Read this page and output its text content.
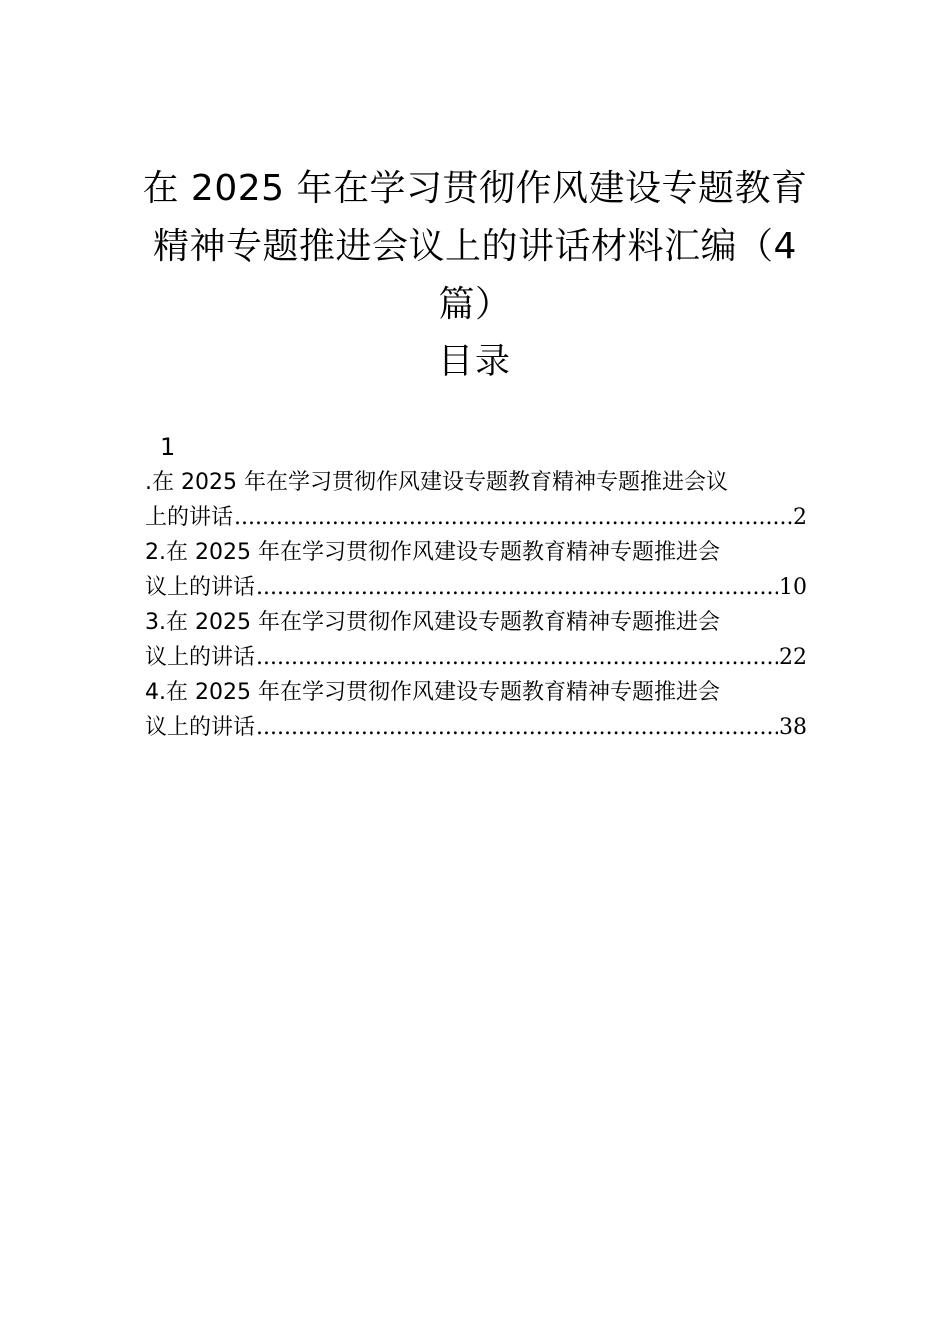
在 2025 年在学习贯彻作风建设专题教育精神专题推进会议上的讲话材料汇编（4 篇）
目录
1
.在 2025 年在学习贯彻作风建设专题教育精神专题推进会议
上的讲话 .....	2
2.在 2025 年在学习贯彻作风建设专题教育精神专题推进会
议上的讲话 .....	10
3.在 2025 年在学习贯彻作风建设专题教育精神专题推进会
议上的讲话 .....	22
4.在 2025 年在学习贯彻作风建设专题教育精神专题推进会
议上的讲话 .....	38
